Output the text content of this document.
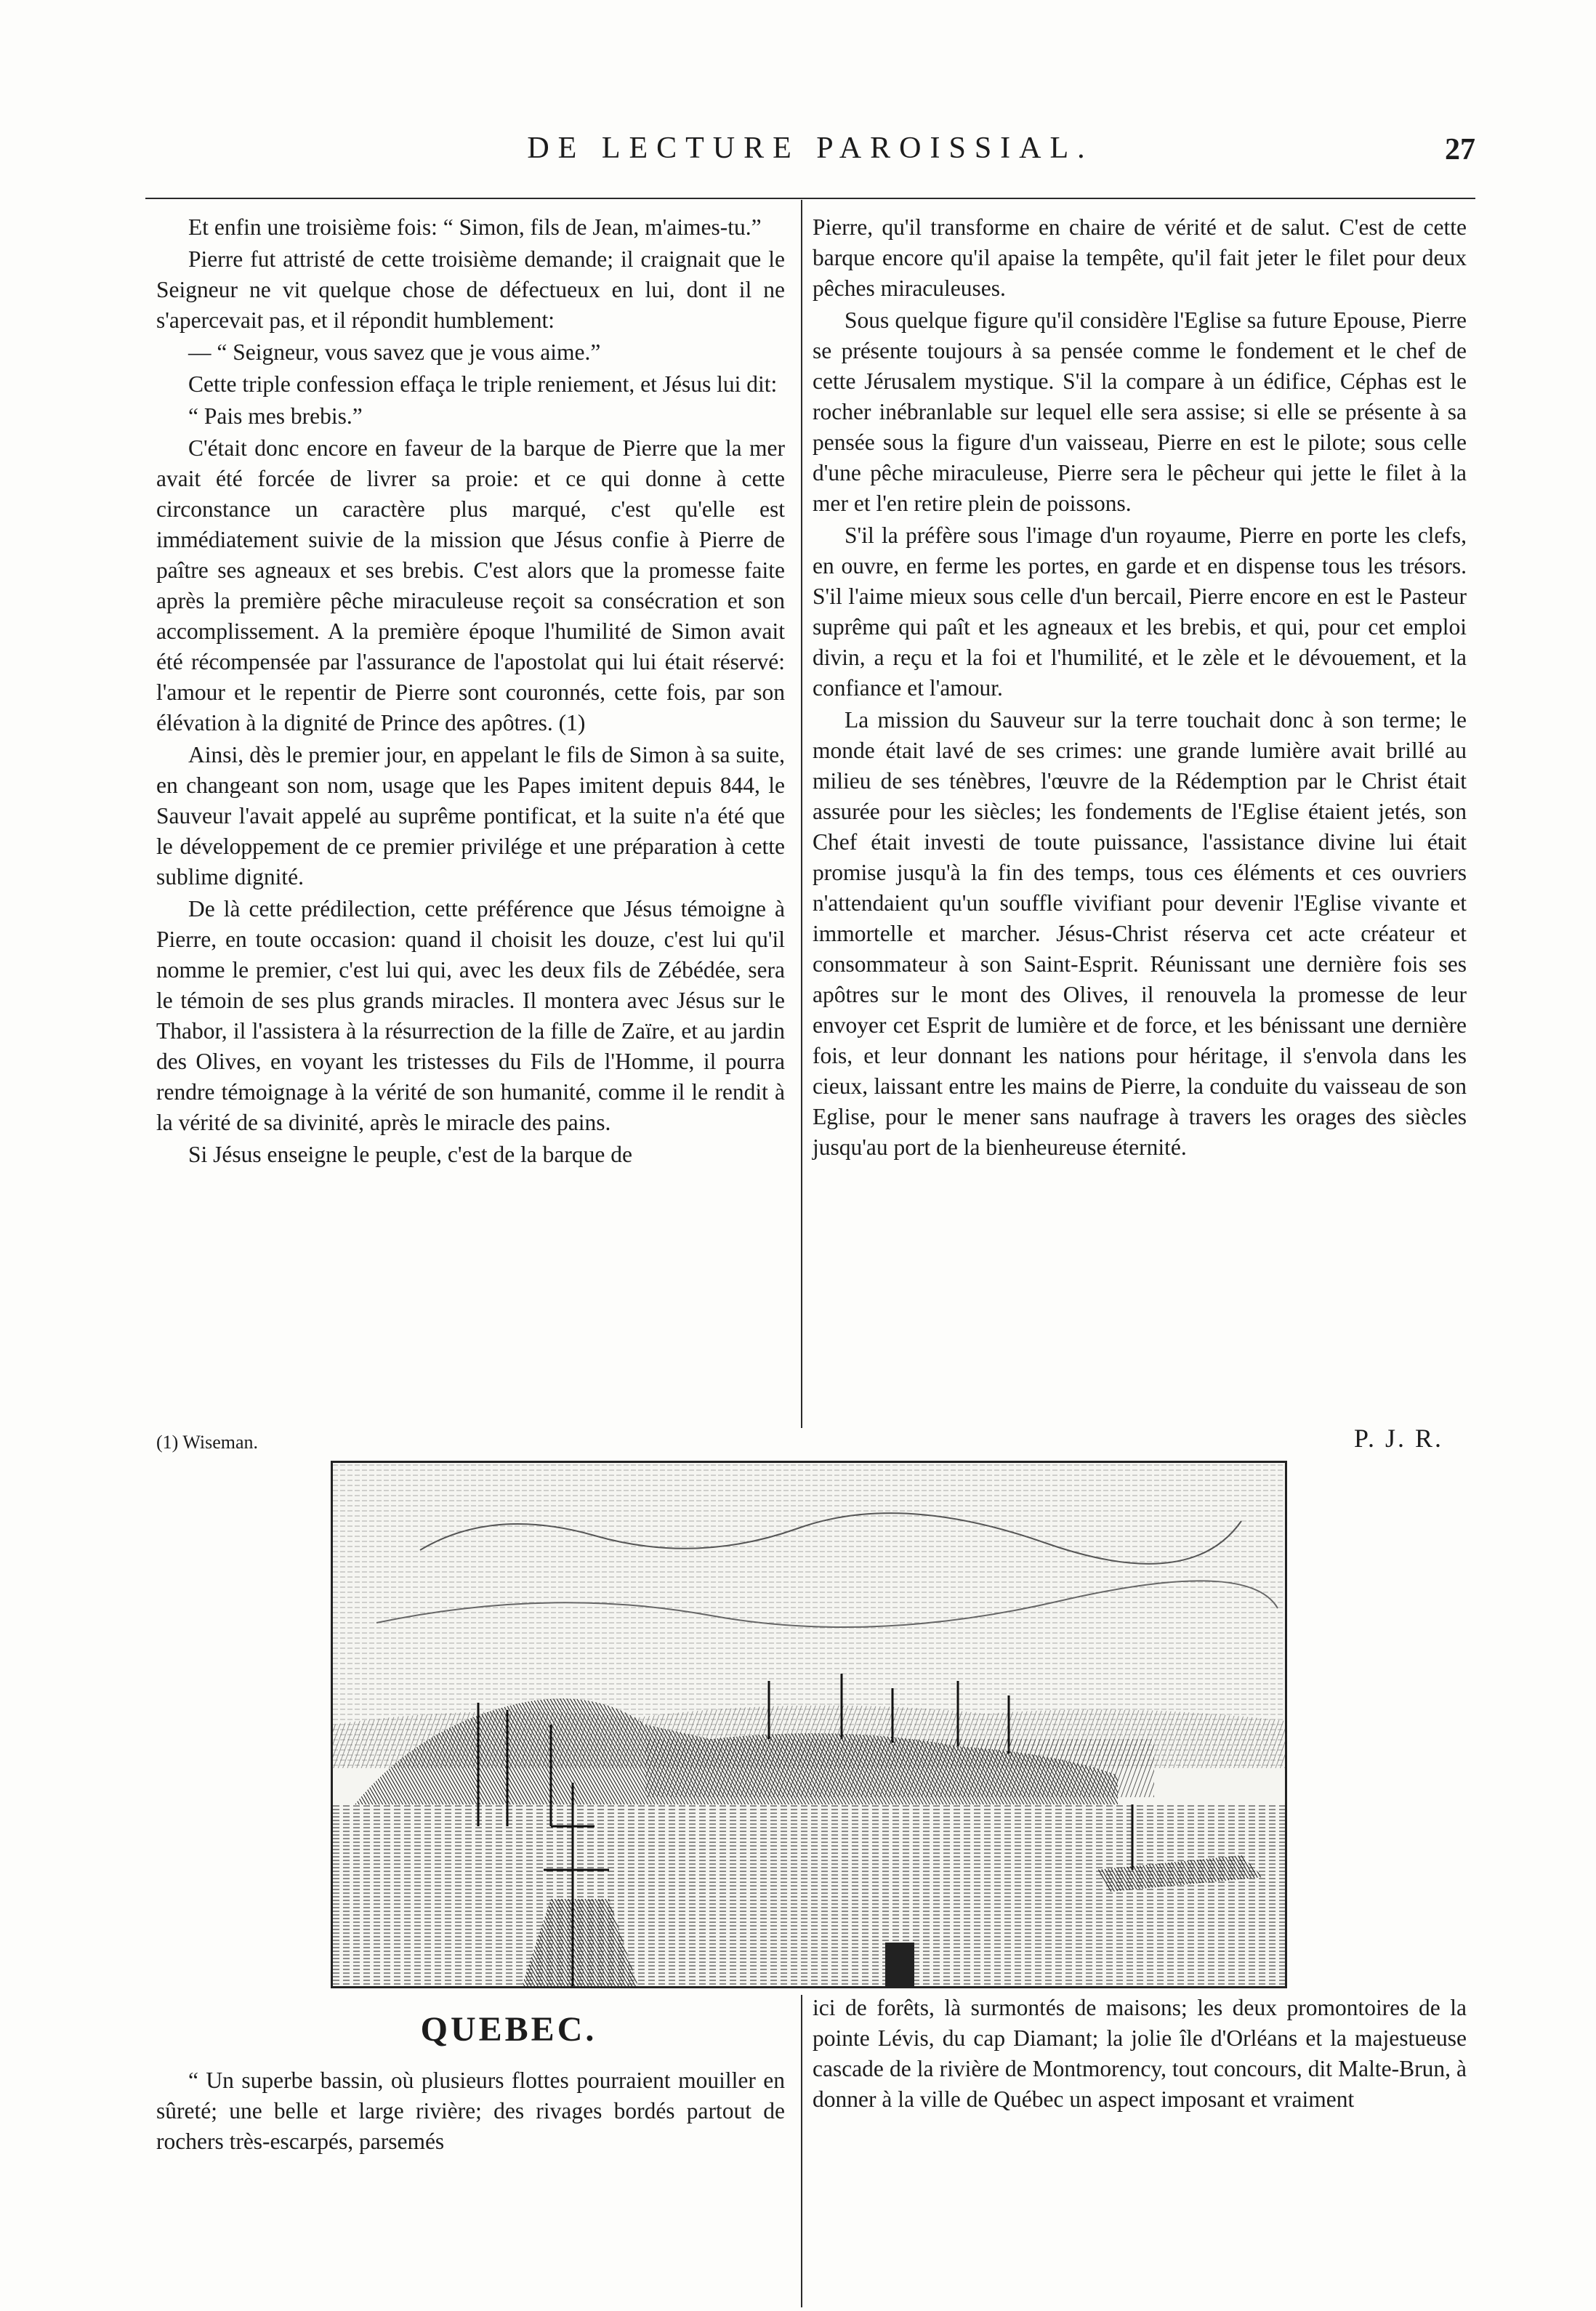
DE LECTURE PAROISSIAL.	27

Et enfin une troisième fois: “ Simon, fils de Jean, m'aimes-tu.”

Pierre fut attristé de cette troisième demande; il craignait que le Seigneur ne vit quelque chose de défectueux en lui, dont il ne s'apercevait pas, et il répondit humblement:

— “ Seigneur, vous savez que je vous aime.”

Cette triple confession effaça le triple reniement, et Jésus lui dit:

“ Pais mes brebis.”

C'était donc encore en faveur de la barque de Pierre que la mer avait été forcée de livrer sa proie: et ce qui donne à cette circonstance un caractère plus marqué, c'est qu'elle est immédiatement suivie de la mission que Jésus confie à Pierre de paître ses agneaux et ses brebis. C'est alors que la promesse faite après la première pêche miraculeuse reçoit sa consécration et son accomplissement. A la première époque l'humilité de Simon avait été récompensée par l'assurance de l'apostolat qui lui était réservé: l'amour et le repentir de Pierre sont couronnés, cette fois, par son élévation à la dignité de Prince des apôtres. (1)

Ainsi, dès le premier jour, en appelant le fils de Simon à sa suite, en changeant son nom, usage que les Papes imitent depuis 844, le Sauveur l'avait appelé au suprême pontificat, et la suite n'a été que le développement de ce premier privilége et une préparation à cette sublime dignité.

De là cette prédilection, cette préférence que Jésus témoigne à Pierre, en toute occasion: quand il choisit les douze, c'est lui qu'il nomme le premier, c'est lui qui, avec les deux fils de Zébédée, sera le témoin de ses plus grands miracles. Il montera avec Jésus sur le Thabor, il l'assistera à la résurrection de la fille de Zaïre, et au jardin des Olives, en voyant les tristesses du Fils de l'Homme, il pourra rendre témoignage à la vérité de son humanité, comme il le rendit à la vérité de sa divinité, après le miracle des pains.

Si Jésus enseigne le peuple, c'est de la barque de

Pierre, qu'il transforme en chaire de vérité et de salut. C'est de cette barque encore qu'il apaise la tempête, qu'il fait jeter le filet pour deux pêches miraculeuses.

Sous quelque figure qu'il considère l'Eglise sa future Epouse, Pierre se présente toujours à sa pensée comme le fondement et le chef de cette Jérusalem mystique. S'il la compare à un édifice, Céphas est le rocher inébranlable sur lequel elle sera assise; si elle se présente à sa pensée sous la figure d'un vaisseau, Pierre en est le pilote; sous celle d'une pêche miraculeuse, Pierre sera le pêcheur qui jette le filet à la mer et l'en retire plein de poissons.

S'il la préfère sous l'image d'un royaume, Pierre en porte les clefs, en ouvre, en ferme les portes, en garde et en dispense tous les trésors. S'il l'aime mieux sous celle d'un bercail, Pierre encore en est le Pasteur suprême qui paît et les agneaux et les brebis, et qui, pour cet emploi divin, a reçu et la foi et l'humilité, et le zèle et le dévouement, et la confiance et l'amour.

La mission du Sauveur sur la terre touchait donc à son terme; le monde était lavé de ses crimes: une grande lumière avait brillé au milieu de ses ténèbres, l'œuvre de la Rédemption par le Christ était assurée pour les siècles; les fondements de l'Eglise étaient jetés, son Chef était investi de toute puissance, l'assistance divine lui était promise jusqu'à la fin des temps, tous ces éléments et ces ouvriers n'attendaient qu'un souffle vivifiant pour devenir l'Eglise vivante et immortelle et marcher. Jésus-Christ réserva cet acte créateur et consommateur à son Saint-Esprit. Réunissant une dernière fois ses apôtres sur le mont des Olives, il renouvela la promesse de leur envoyer cet Esprit de lumière et de force, et les bénissant une dernière fois, et leur donnant les nations pour héritage, il s'envola dans les cieux, laissant entre les mains de Pierre, la conduite du vaisseau de son Eglise, pour le mener sans naufrage à travers les orages des siècles jusqu'au port de la bienheureuse éternité.

(1) Wiseman.	P. J. R.
QUEBEC.

“ Un superbe bassin, où plusieurs flottes pourraient mouiller en sûreté; une belle et large rivière; des rivages bordés partout de rochers très-escarpés, parsemés

ici de forêts, là surmontés de maisons; les deux promontoires de la pointe Lévis, du cap Diamant; la jolie île d'Orléans et la majestueuse cascade de la rivière de Montmorency, tout concours, dit Malte-Brun, à donner à la ville de Québec un aspect imposant et vraiment
